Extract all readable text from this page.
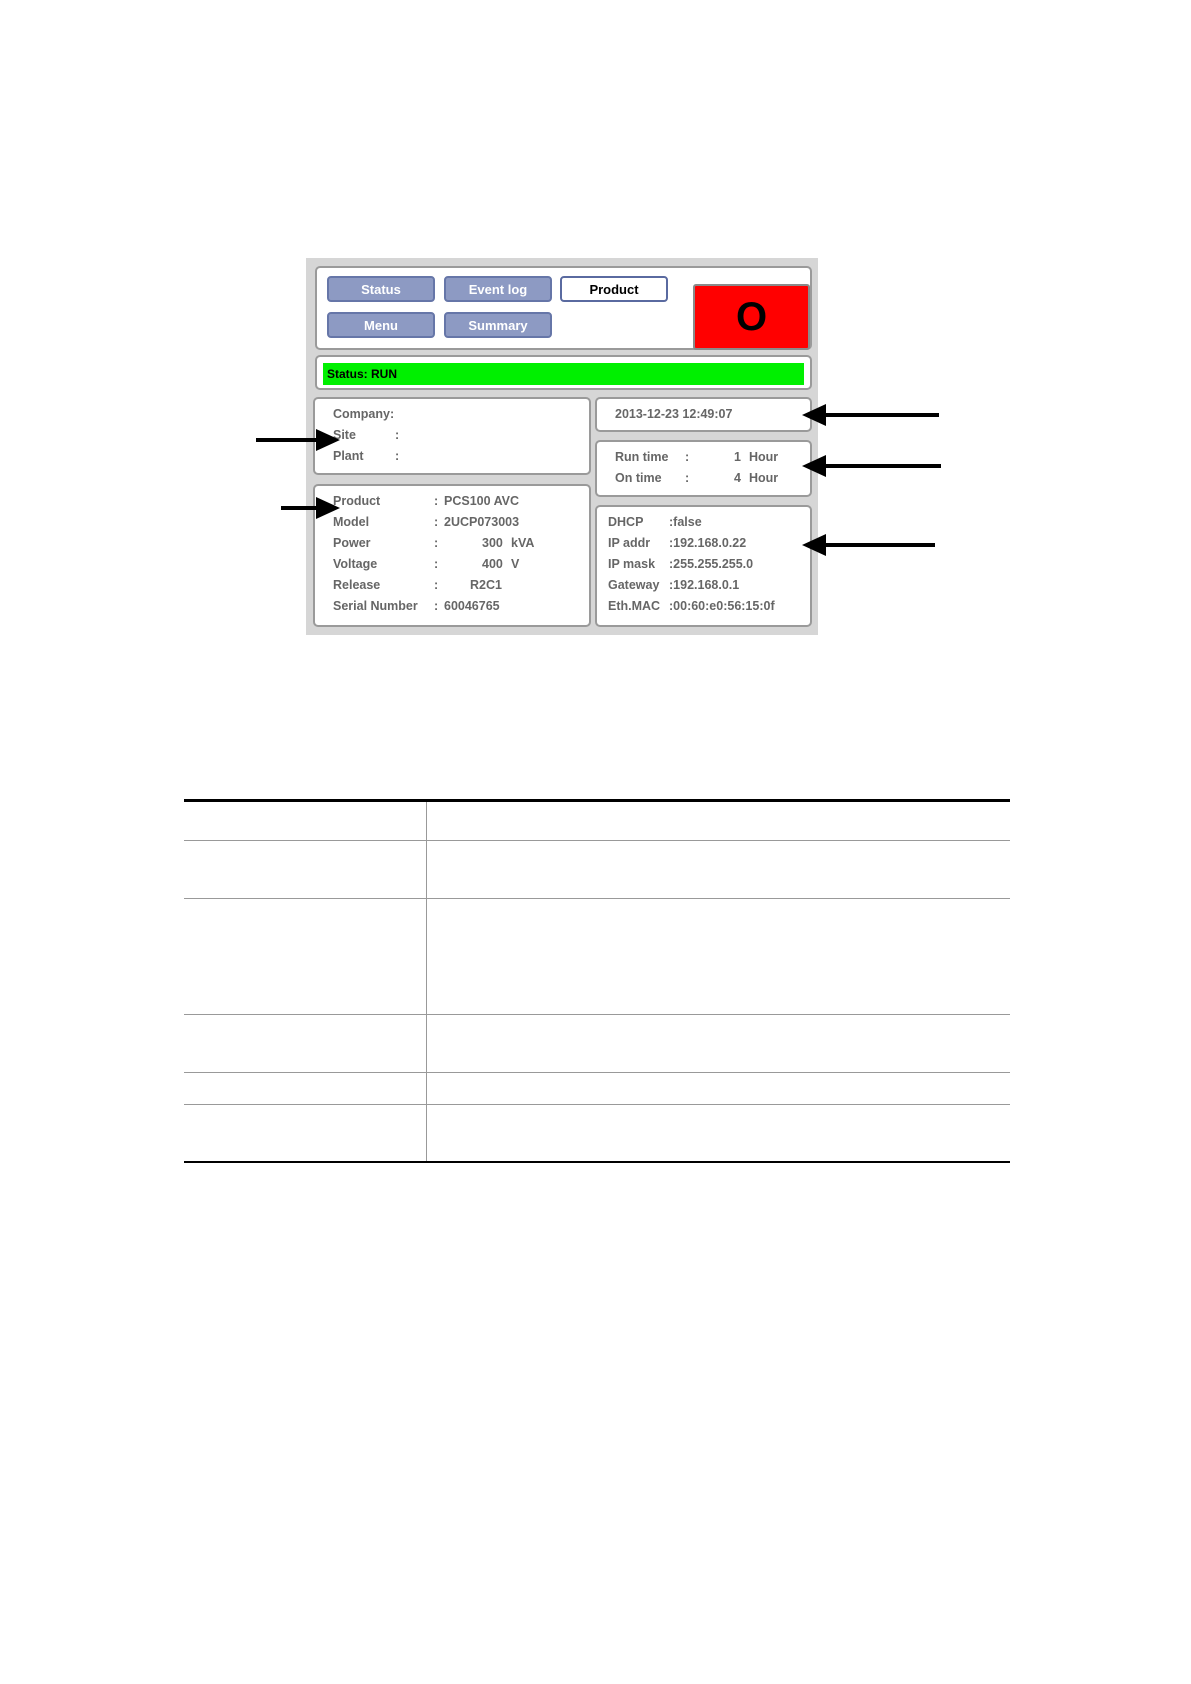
Status	Event log	Product
Menu	Summary	O
Status: RUN
Company:
Site	:
Plant	:
2013-12-23 12:49:07
Run time :	1 Hour
On time :	4 Hour
Product	: PCS100 AVC
Model	: 2UCP073003
Power	:	300 kVA
Voltage	:	400 V
Release	:	R2C1
Serial Number : 60046765
DHCP :false
IP addr :192.168.0.22
IP mask :255.255.255.0
Gateway :192.168.0.1
Eth.MAC :00:60:e0:56:15:0f
